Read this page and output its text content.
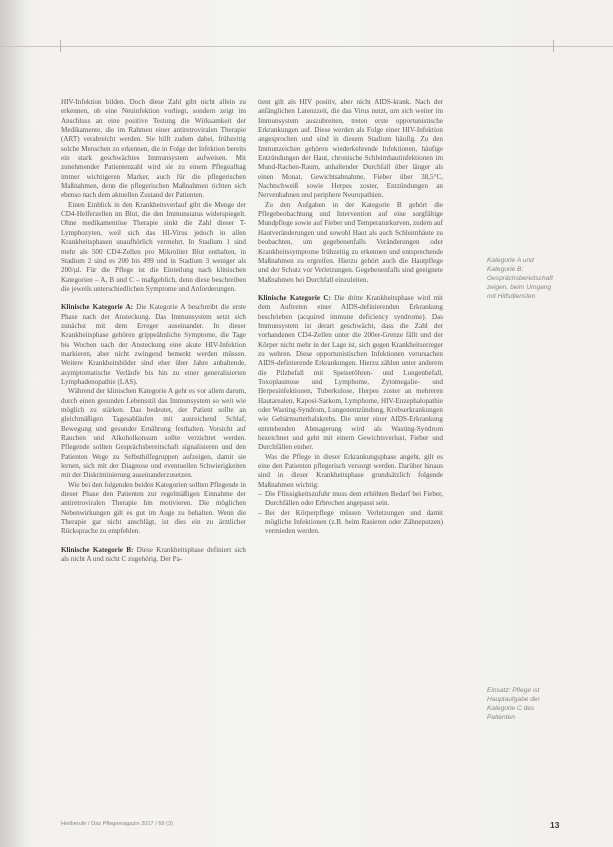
HIV-Infektion bilden. Doch diese Zahl gibt nicht allein zu erkennen, ob eine Neuinfektion vorliegt, sondern zeigt im Anschluss an eine positive Testung die Wirksamkeit der Medikamente, die im Rahmen einer antiretroviralen Therapie (ART) verabreicht werden. Sie hilft zudem dabei, frühzeitig solche Menschen zu erkennen, die in Folge der Infektion bereits ein stark geschwächtes Immunsystem aufweisen. Mit zunehmender Patientenzahl wird sie zu einem Pflegealltag immer wichtigeren Marker, auch für die pflegerischen Maßnahmen, denn die pflegerischen Maßnahmen richten sich ebenso nach dem aktuellen Zustand der Patienten.

Einen Einblick in den Krankheitsverlauf gibt die Menge der CD4-Helferzellen im Blut, die den Immunstatus widerspiegelt. Ohne medikamentöse Therapie sinkt die Zahl dieser T-Lymphozyten, weil sich das HI-Virus jedoch in allen Krankheitsphasen unaufhörlich vermehrt. In Stadium 1 sind mehr als 500 CD4-Zellen pro Mikroliter Blut enthalten, in Stadium 2 sind es 200 bis 499 und in Stadium 3 weniger als 200/µl. Für die Pflege ist die Einteilung nach klinischen Kategorien – A, B und C – maßgeblich, denn diese beschreiben die jeweils unterschiedlichen Symptome und Anforderungen.

Klinische Kategorie A: Die Kategorie A beschreibt die erste Phase nach der Ansteckung. Das Immunsystem setzt sich zunächst mit dem Erreger auseinander. In dieser Krankheitsphase gehören grippeähnliche Symptome, die Tage bis Wochen nach der Ansteckung eine akute HIV-Infektion markieren, aber nicht zwingend bemerkt werden müssen. Weitere Krankheitsbilder sind eher über Jahre anhaltende, asymptomatische Verläufe bis hin zu einer generalisierten Lymphadenopathie (LAS).

Während der klinischen Kategorie A geht es vor allem darum, durch einen gesunden Lebensstil das Immunsystem so weit wie möglich zu stärken. Das bedeutet, der Patient sollte an gleichmäßigen Tagesabläufen mit ausreichend Schlaf, Bewegung und gesunder Ernährung festhalten. Vorsicht auf Rauchen und Alkoholkonsum sollte verzichtet werden. Pflegende sollten Gesprächsbereitschaft signalisieren und den Patienten Wege zu Selbsthilfegruppen aufzeigen, damit sie lernen, sich mit der Diagnose und eventuellen Schwierigkeiten mit der Diskriminierung auseinanderzusetzen.

Wie bei den folgenden beiden Kategorien sollten Pflegende in dieser Phase den Patienten zur regelmäßigen Einnahme der antiretroviralen Therapie hin motivieren. Die möglichen Nebenwirkungen gilt es gut im Auge zu behalten. Wenn die Therapie gar nicht anschlägt, ist dies ein zu ärztlicher Rücksprache zu empfehlen.

Klinische Kategorie B: Diese Krankheitsphase definiert sich als nicht A und nicht C zugehörig. Der Pa-

tient gilt als HIV positiv, aber nicht AIDS-krank. Nach der anfänglichen Latenzzeit, die das Virus nutzt, um sich weiter im Immunsystem auszubreiten, treten erste opportunistische Erkrankungen auf. Diese werden als Folge einer HIV-Infektion angesprochen und sind in diesem Stadium häufig. Zu den Immunzeichen gehören wiederkehrende Infektionen, häufige Entzündungen der Haut, chronische Schleimhautinfektionen im Mund-Rachen-Raum, anhaltender Durchfall über länger als einen Monat, Gewichtsabnahme, Fieber über 38,5°C, Nachtschweiß sowie Herpes zoster, Entzündungen an Nervenbahnen und periphere Neuropathien.

Zu den Aufgaben in der Kategorie B gehört die Pflegebeobachtung und Intervention auf eine sorgfältige Mundpflege sowie auf Fieber und Temperaturkurven, zudem auf Hautveränderungen und sowohl Haut als auch Schleimhäute zu beobachten, um gegebenenfalls Veränderungen oder Krankheitssymptome frühzeitig zu erkennen und entsprechende Maßnahmen zu ergreifen. Hierzu gehört auch die Hautpflege und der Schutz vor Verletzungen. Gegebenenfalls sind geeignete Maßnahmen bei Durchfall einzuleiten.

Klinische Kategorie C: Die dritte Krankheitsphase wird mit dem Auftreten einer AIDS-definierenden Erkrankung beschrieben (acquired immune deficiency syndrome). Das Immunsystem ist derart geschwächt, dass die Zahl der vorhandenen CD4-Zellen unter die 200er-Grenze fällt und der Körper nicht mehr in der Lage ist, sich gegen Krankheitserreger zu wehren. Diese opportunistischen Infektionen verursachen AIDS-definierende Erkrankungen. Hierzu zählen unter anderem die Pilzbefall mit Speiseröhren- und Lungenbefall, Toxoplasmose und Lymphome, Zytomegalie- und Herpesinfektionen, Tuberkulose, Herpes zoster an mehreren Hautarealen, Kaposi-Sarkom, Lymphome, HIV-Enzephalopathie oder Wasting-Syndrom, Lungenentzündung, Krebserkrankungen wie Gebärmutterhalskrebs. Die unter einer AIDS-Erkrankung entstehenden Abmagerung wird als Wasting-Syndrom bezeichnet und geht mit einem Gewichtsverlust, Fieber und Durchfällen einher.

Was die Pflege in dieser Erkrankungsphase angeht, gilt es eine den Patienten pflegerisch versorgt werden. Darüber hinaus sind in dieser Krankheitsphase grundsätzlich folgende Maßnahmen wichtig:

– Die Flüssigkeitszufuhr muss dem erhöhten Bedarf bei Fieber, Durchfällen oder Erbrechen angepasst sein.
– Bei der Körperpflege müssen Verletzungen und damit mögliche Infektionen (z.B. beim Rasieren oder Zähneputzen) vermieden werden.
Kategorie A und Kategorie B: Gesprächsbereitschaft zeigen, beim Umgang mit Hilfsdiensten
Einsatz: Pflege ist Hauptaufgabe der Kategorie C des Patienten
Heilberufe / Das Pflegemagazin 2017 / 69 (3)	13
